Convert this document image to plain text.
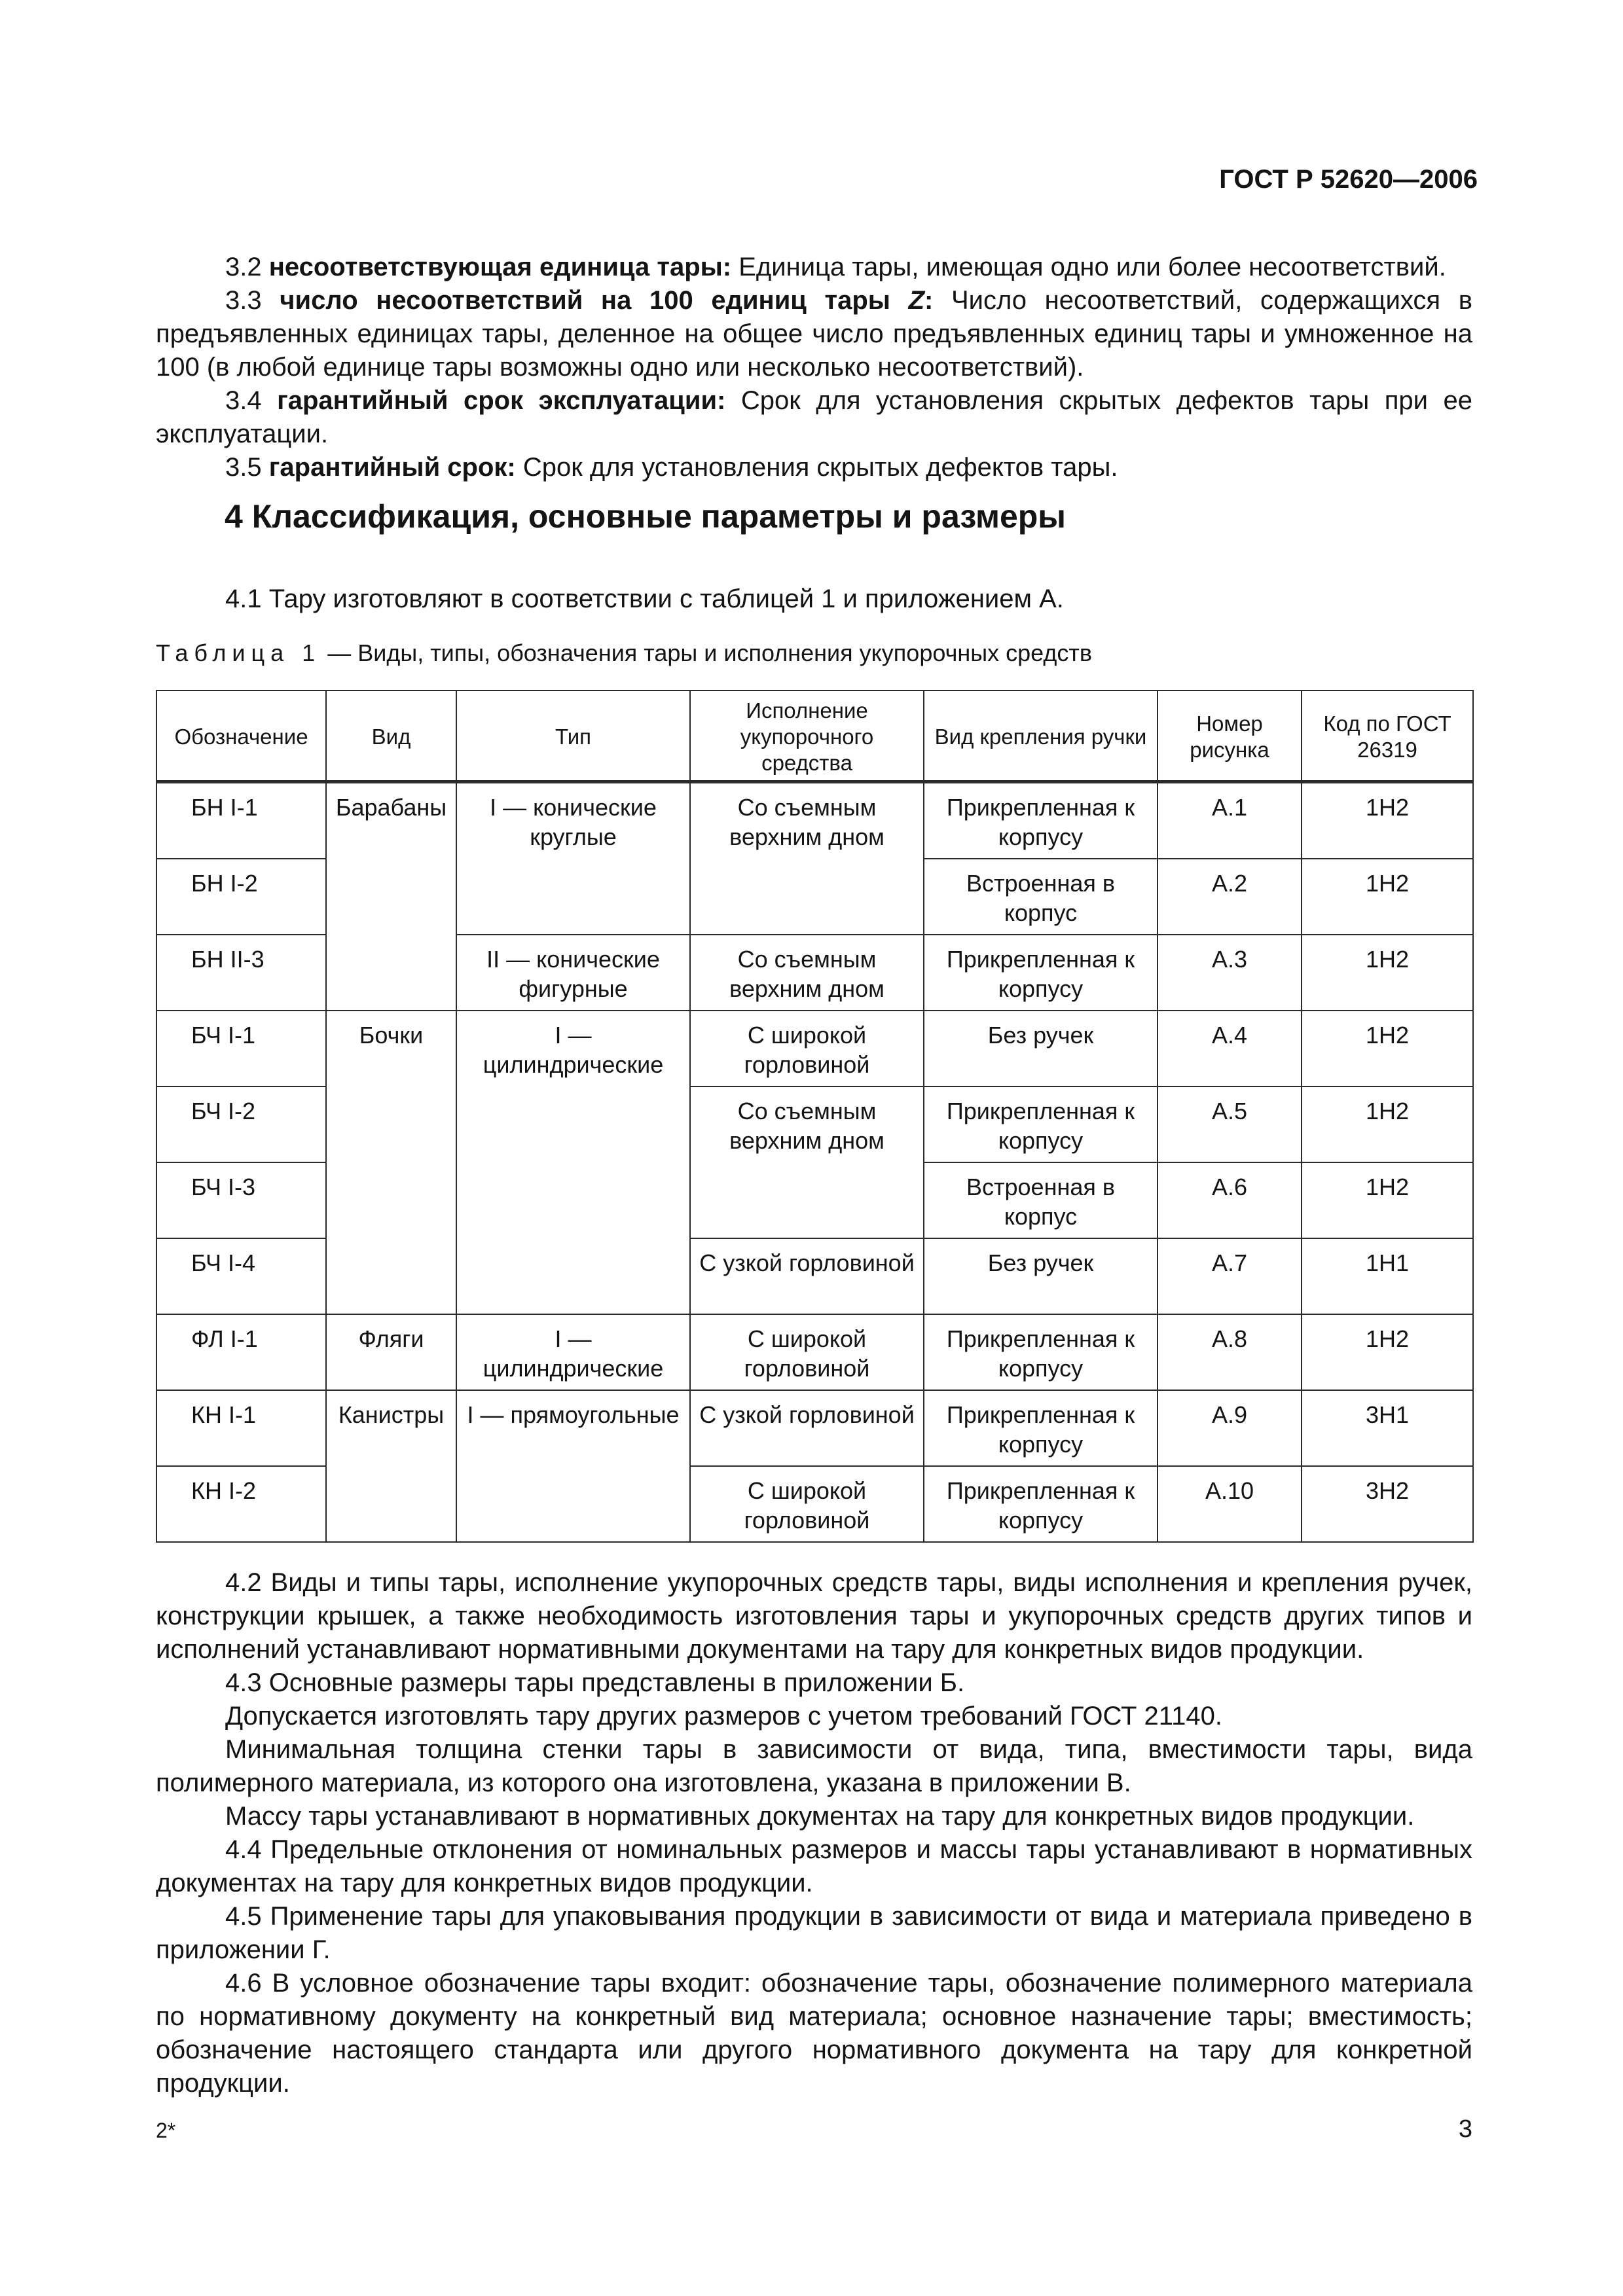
ГОСТ Р 52620—2006

3.2 несоответствующая единица тары: Единица тары, имеющая одно или более несоответствий.

3.3 число несоответствий на 100 единиц тары Z: Число несоответствий, содержащихся в предъявленных единицах тары, деленное на общее число предъявленных единиц тары и умноженное на 100 (в любой единице тары возможны одно или несколько несоответствий).

3.4 гарантийный срок эксплуатации: Срок для установления скрытых дефектов тары при ее эксплуатации.

3.5 гарантийный срок: Срок для установления скрытых дефектов тары.

4 Классификация, основные параметры и размеры

4.1 Тару изготовляют в соответствии с таблицей 1 и приложением А.

Таблица 1 — Виды, типы, обозначения тары и исполнения укупорочных средств
Обозначение	Вид	Тип	Исполнение укупорочного средства	Вид крепления ручки	Номер рисунка	Код по ГОСТ 26319
БН I-1	Барабаны	I — конические круглые	Со съемным верхним дном	Прикрепленная к корпусу	А.1	1Н2
БН I-2				Встроенная в корпус	А.2	1Н2
БН II-3		II — конические фигурные	Со съемным верхним дном	Прикрепленная к корпусу	А.3	1Н2
БЧ I-1	Бочки	I — цилиндрические	С широкой горловиной	Без ручек	А.4	1Н2
БЧ I-2			Со съемным верхним дном	Прикрепленная к корпусу	А.5	1Н2
БЧ I-3				Встроенная в корпус	А.6	1Н2
БЧ I-4			С узкой горловиной	Без ручек	А.7	1Н1
ФЛ I-1	Фляги	I — цилиндрические	С широкой горловиной	Прикрепленная к корпусу	А.8	1Н2
КН I-1	Канистры	I — прямоугольные	С узкой горловиной	Прикрепленная к корпусу	А.9	3Н1
КН I-2			С широкой горловиной	Прикрепленная к корпусу	А.10	3Н2

4.2 Виды и типы тары, исполнение укупорочных средств тары, виды исполнения и крепления ручек, конструкции крышек, а также необходимость изготовления тары и укупорочных средств других типов и исполнений устанавливают нормативными документами на тару для конкретных видов продукции.

4.3 Основные размеры тары представлены в приложении Б.

Допускается изготовлять тару других размеров с учетом требований ГОСТ 21140.

Минимальная толщина стенки тары в зависимости от вида, типа, вместимости тары, вида полимерного материала, из которого она изготовлена, указана в приложении В.

Массу тары устанавливают в нормативных документах на тару для конкретных видов продукции.

4.4 Предельные отклонения от номинальных размеров и массы тары устанавливают в нормативных документах на тару для конкретных видов продукции.

4.5 Применение тары для упаковывания продукции в зависимости от вида и материала приведено в приложении Г.

4.6 В условное обозначение тары входит: обозначение тары, обозначение полимерного материала по нормативному документу на конкретный вид материала; основное назначение тары; вместимость; обозначение настоящего стандарта или другого нормативного документа на тару для конкретной продукции.

2*	3
